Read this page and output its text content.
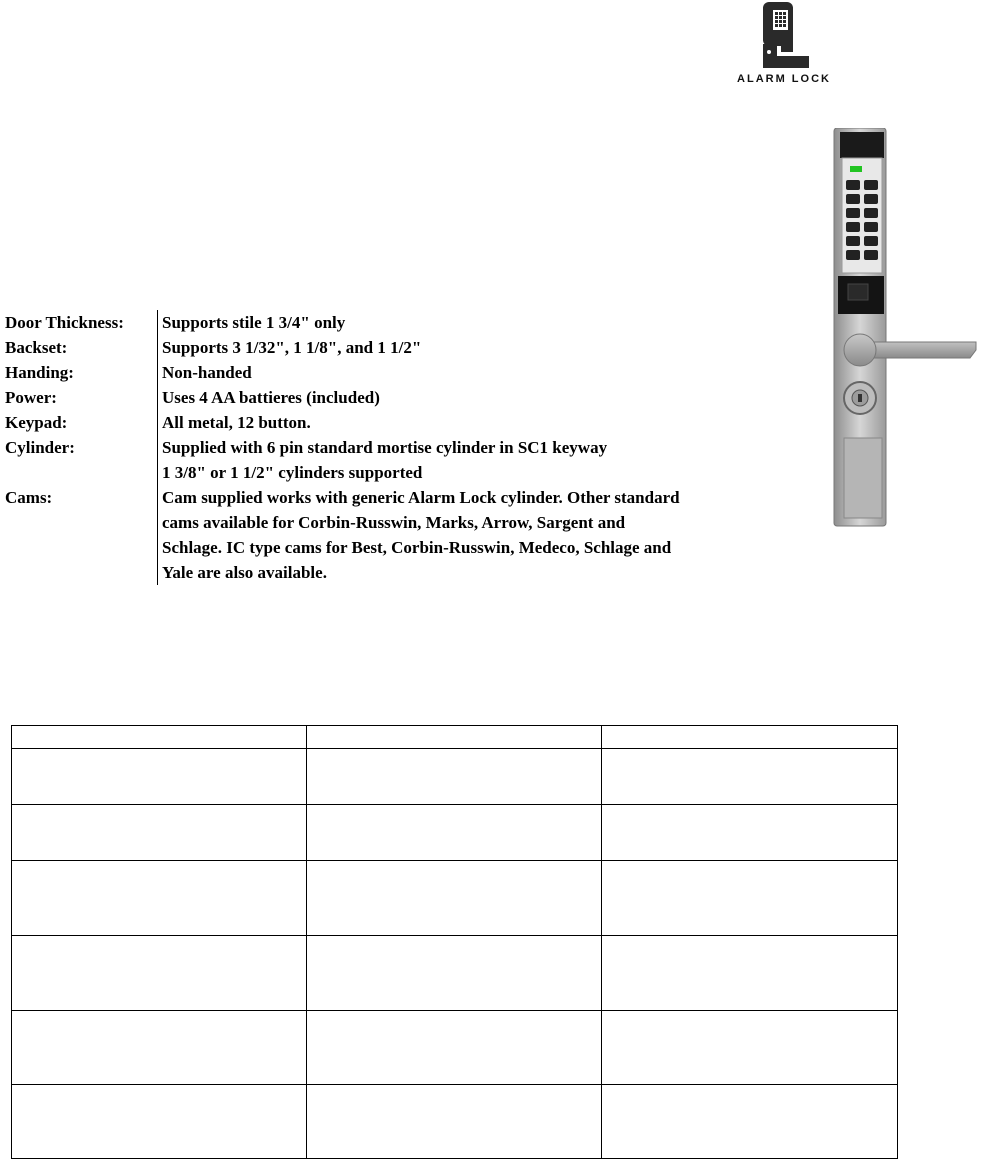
ALARM LOCK
Door Thickness:	Supports stile 1 3/4" only
Backset:	Supports 3 1/32", 1 1/8", and 1 1/2"
Handing:	Non-handed
Power:	Uses 4 AA battieres (included)
Keypad:	All metal, 12 button.
Cylinder:	Supplied with 6 pin standard mortise cylinder in SC1 keyway
1 3/8" or 1 1/2" cylinders supported
Cams:	Cam supplied works with generic Alarm Lock cylinder. Other standard
cams available for Corbin-Russwin, Marks, Arrow, Sargent and
Schlage. IC type cams for Best, Corbin-Russwin, Medeco, Schlage and
Yale are also available.
